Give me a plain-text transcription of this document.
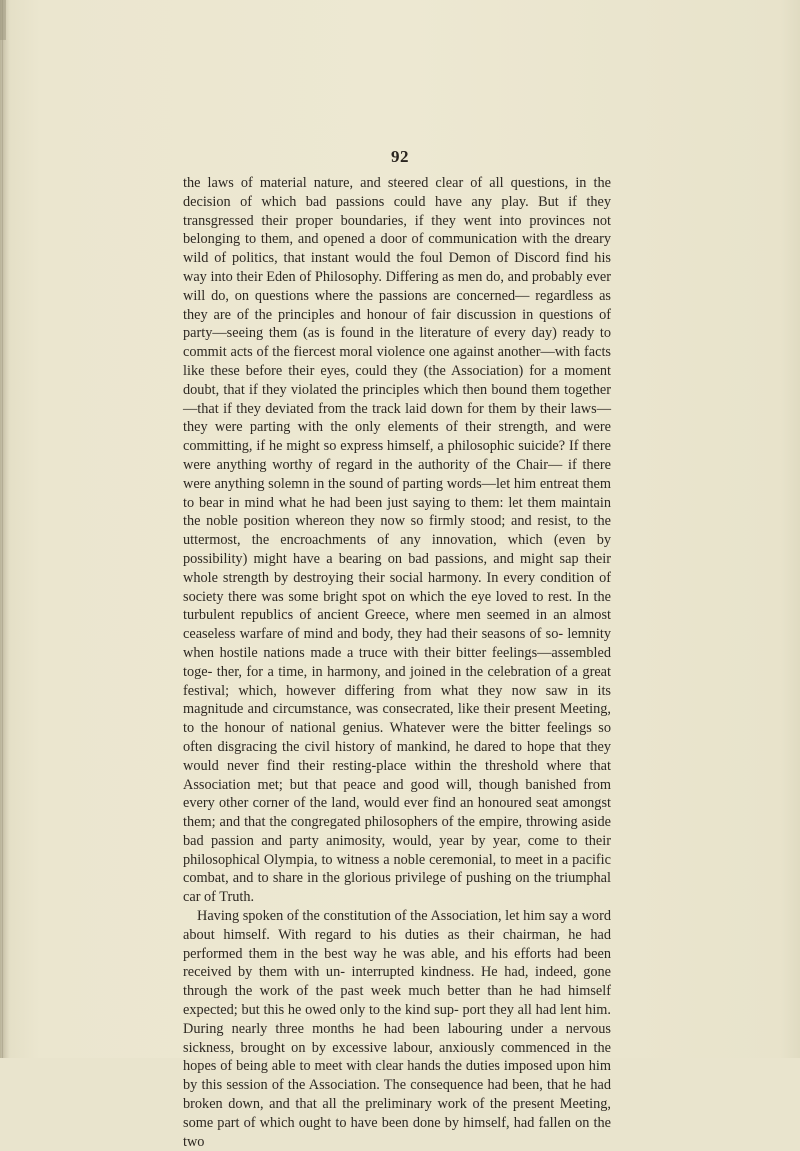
92

the laws of material nature, and steered clear of all questions, in the decision of which bad passions could have any play. But if they transgressed their proper boundaries, if they went into provinces not belonging to them, and opened a door of communication with the dreary wild of politics, that instant would the foul Demon of Discord find his way into their Eden of Philosophy. Differing as men do, and probably ever will do, on questions where the passions are concerned— regardless as they are of the principles and honour of fair discussion in questions of party—seeing them (as is found in the literature of every day) ready to commit acts of the fiercest moral violence one against another—with facts like these before their eyes, could they (the Association) for a moment doubt, that if they violated the principles which then bound them together—that if they deviated from the track laid down for them by their laws—they were parting with the only elements of their strength, and were committing, if he might so express himself, a philosophic suicide? If there were anything worthy of regard in the authority of the Chair— if there were anything solemn in the sound of parting words—let him entreat them to bear in mind what he had been just saying to them: let them maintain the noble position whereon they now so firmly stood; and resist, to the uttermost, the encroachments of any innovation, which (even by possibility) might have a bearing on bad passions, and might sap their whole strength by destroying their social harmony. In every condition of society there was some bright spot on which the eye loved to rest. In the turbulent republics of ancient Greece, where men seemed in an almost ceaseless warfare of mind and body, they had their seasons of so- lemnity when hostile nations made a truce with their bitter feelings—assembled toge- ther, for a time, in harmony, and joined in the celebration of a great festival; which, however differing from what they now saw in its magnitude and circumstance, was consecrated, like their present Meeting, to the honour of national genius. Whatever were the bitter feelings so often disgracing the civil history of mankind, he dared to hope that they would never find their resting-place within the threshold where that Association met; but that peace and good will, though banished from every other corner of the land, would ever find an honoured seat amongst them; and that the congregated philosophers of the empire, throwing aside bad passion and party animosity, would, year by year, come to their philosophical Olympia, to witness a noble ceremonial, to meet in a pacific combat, and to share in the glorious privilege of pushing on the triumphal car of Truth.

Having spoken of the constitution of the Association, let him say a word about himself. With regard to his duties as their chairman, he had performed them in the best way he was able, and his efforts had been received by them with un- interrupted kindness. He had, indeed, gone through the work of the past week much better than he had himself expected; but this he owed only to the kind sup- port they all had lent him. During nearly three months he had been labouring under a nervous sickness, brought on by excessive labour, anxiously commenced in the hopes of being able to meet with clear hands the duties imposed upon him by this session of the Association. The consequence had been, that he had broken down, and that all the preliminary work of the present Meeting, some part of which ought to have been done by himself, had fallen on the two
